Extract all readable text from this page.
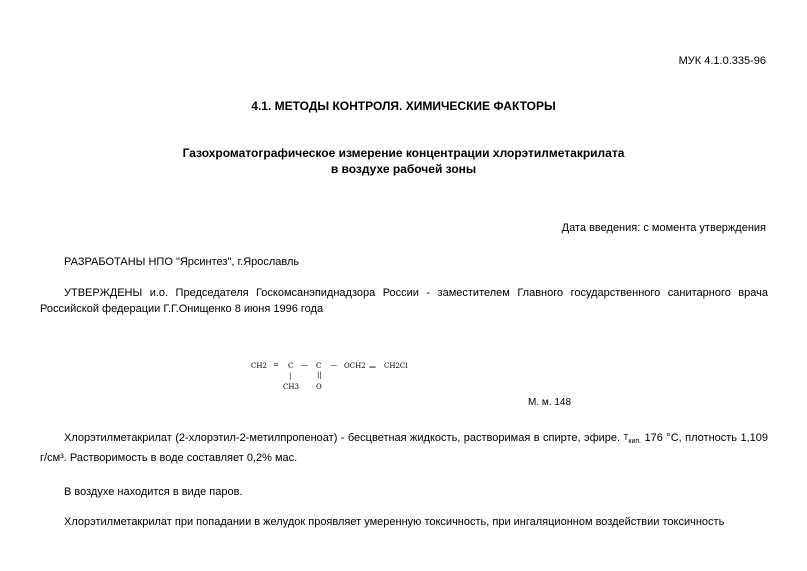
МУК 4.1.0.335-96
4.1. МЕТОДЫ КОНТРОЛЯ. ХИМИЧЕСКИЕ ФАКТОРЫ
Газохроматографическое измерение концентрации хлорэтилметакрилата
в воздухе рабочей зоны
Дата введения: с момента утверждения
РАЗРАБОТАНЫ НПО "Ярсинтез", г.Ярославль
УТВЕРЖДЕНЫ и.о. Председателя Госкомсанэпиднадзора России - заместителем Главного государственного санитарного врача Российской федерации Г.Г.Онищенко 8 июня 1996 года
CH2 = C — C — OCH2 — CH2Cl
|	||
CH3 O
М. м. 148
Хлорэтилметакрилат (2-хлорэтил-2-метилпропеноат) - бесцветная жидкость, растворимая в спирте, эфире. Ткип. 176 °С, плотность 1,109 г/см³. Растворимость в воде составляет 0,2% мас.
В воздухе находится в виде паров.
Хлорэтилметакрилат при попадании в желудок проявляет умеренную токсичность, при ингаляционном воздействии токсичность
